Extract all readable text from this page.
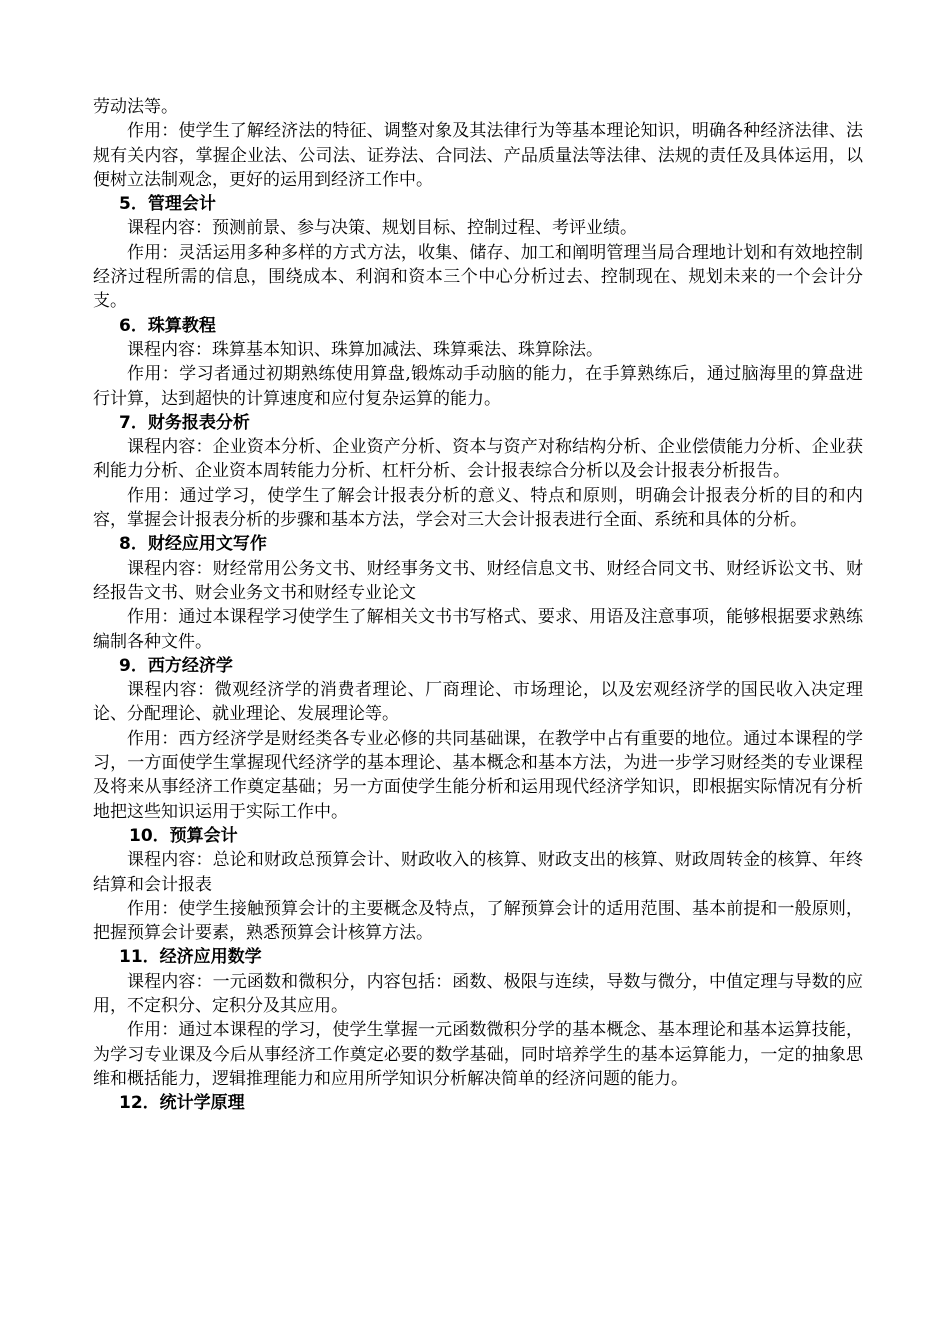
劳动法等。

作用：使学生了解经济法的特征、调整对象及其法律行为等基本理论知识，明确各种经济法律、法规有关内容，掌握企业法、公司法、证券法、合同法、产品质量法等法律、法规的责任及具体运用，以便树立法制观念，更好的运用到经济工作中。

5．管理会计

课程内容：预测前景、参与决策、规划目标、控制过程、考评业绩。

作用：灵活运用多种多样的方式方法，收集、储存、加工和阐明管理当局合理地计划和有效地控制经济过程所需的信息，围绕成本、利润和资本三个中心分析过去、控制现在、规划未来的一个会计分支。

6．珠算教程

课程内容：珠算基本知识、珠算加减法、珠算乘法、珠算除法。

作用：学习者通过初期熟练使用算盘,锻炼动手动脑的能力，在手算熟练后，通过脑海里的算盘进行计算，达到超快的计算速度和应付复杂运算的能力。

7．财务报表分析

课程内容：企业资本分析、企业资产分析、资本与资产对称结构分析、企业偿债能力分析、企业获利能力分析、企业资本周转能力分析、杠杆分析、会计报表综合分析以及会计报表分析报告。

作用：通过学习，使学生了解会计报表分析的意义、特点和原则，明确会计报表分析的目的和内容，掌握会计报表分析的步骤和基本方法，学会对三大会计报表进行全面、系统和具体的分析。

8．财经应用文写作

课程内容：财经常用公务文书、财经事务文书、财经信息文书、财经合同文书、财经诉讼文书、财经报告文书、财会业务文书和财经专业论文

作用：通过本课程学习使学生了解相关文书书写格式、要求、用语及注意事项，能够根据要求熟练编制各种文件。

9．西方经济学

课程内容：微观经济学的消费者理论、厂商理论、市场理论，以及宏观经济学的国民收入决定理论、分配理论、就业理论、发展理论等。

作用：西方经济学是财经类各专业必修的共同基础课，在教学中占有重要的地位。通过本课程的学习，一方面使学生掌握现代经济学的基本理论、基本概念和基本方法，为进一步学习财经类的专业课程及将来从事经济工作奠定基础；另一方面使学生能分析和运用现代经济学知识，即根据实际情况有分析地把这些知识运用于实际工作中。

10．预算会计

课程内容：总论和财政总预算会计、财政收入的核算、财政支出的核算、财政周转金的核算、年终结算和会计报表

作用：使学生接触预算会计的主要概念及特点，了解预算会计的适用范围、基本前提和一般原则，把握预算会计要素，熟悉预算会计核算方法。

11．经济应用数学

课程内容：一元函数和微积分，内容包括：函数、极限与连续，导数与微分，中值定理与导数的应用，不定积分、定积分及其应用。

作用：通过本课程的学习，使学生掌握一元函数微积分学的基本概念、基本理论和基本运算技能，为学习专业课及今后从事经济工作奠定必要的数学基础，同时培养学生的基本运算能力，一定的抽象思维和概括能力，逻辑推理能力和应用所学知识分析解决简单的经济问题的能力。

12．统计学原理
